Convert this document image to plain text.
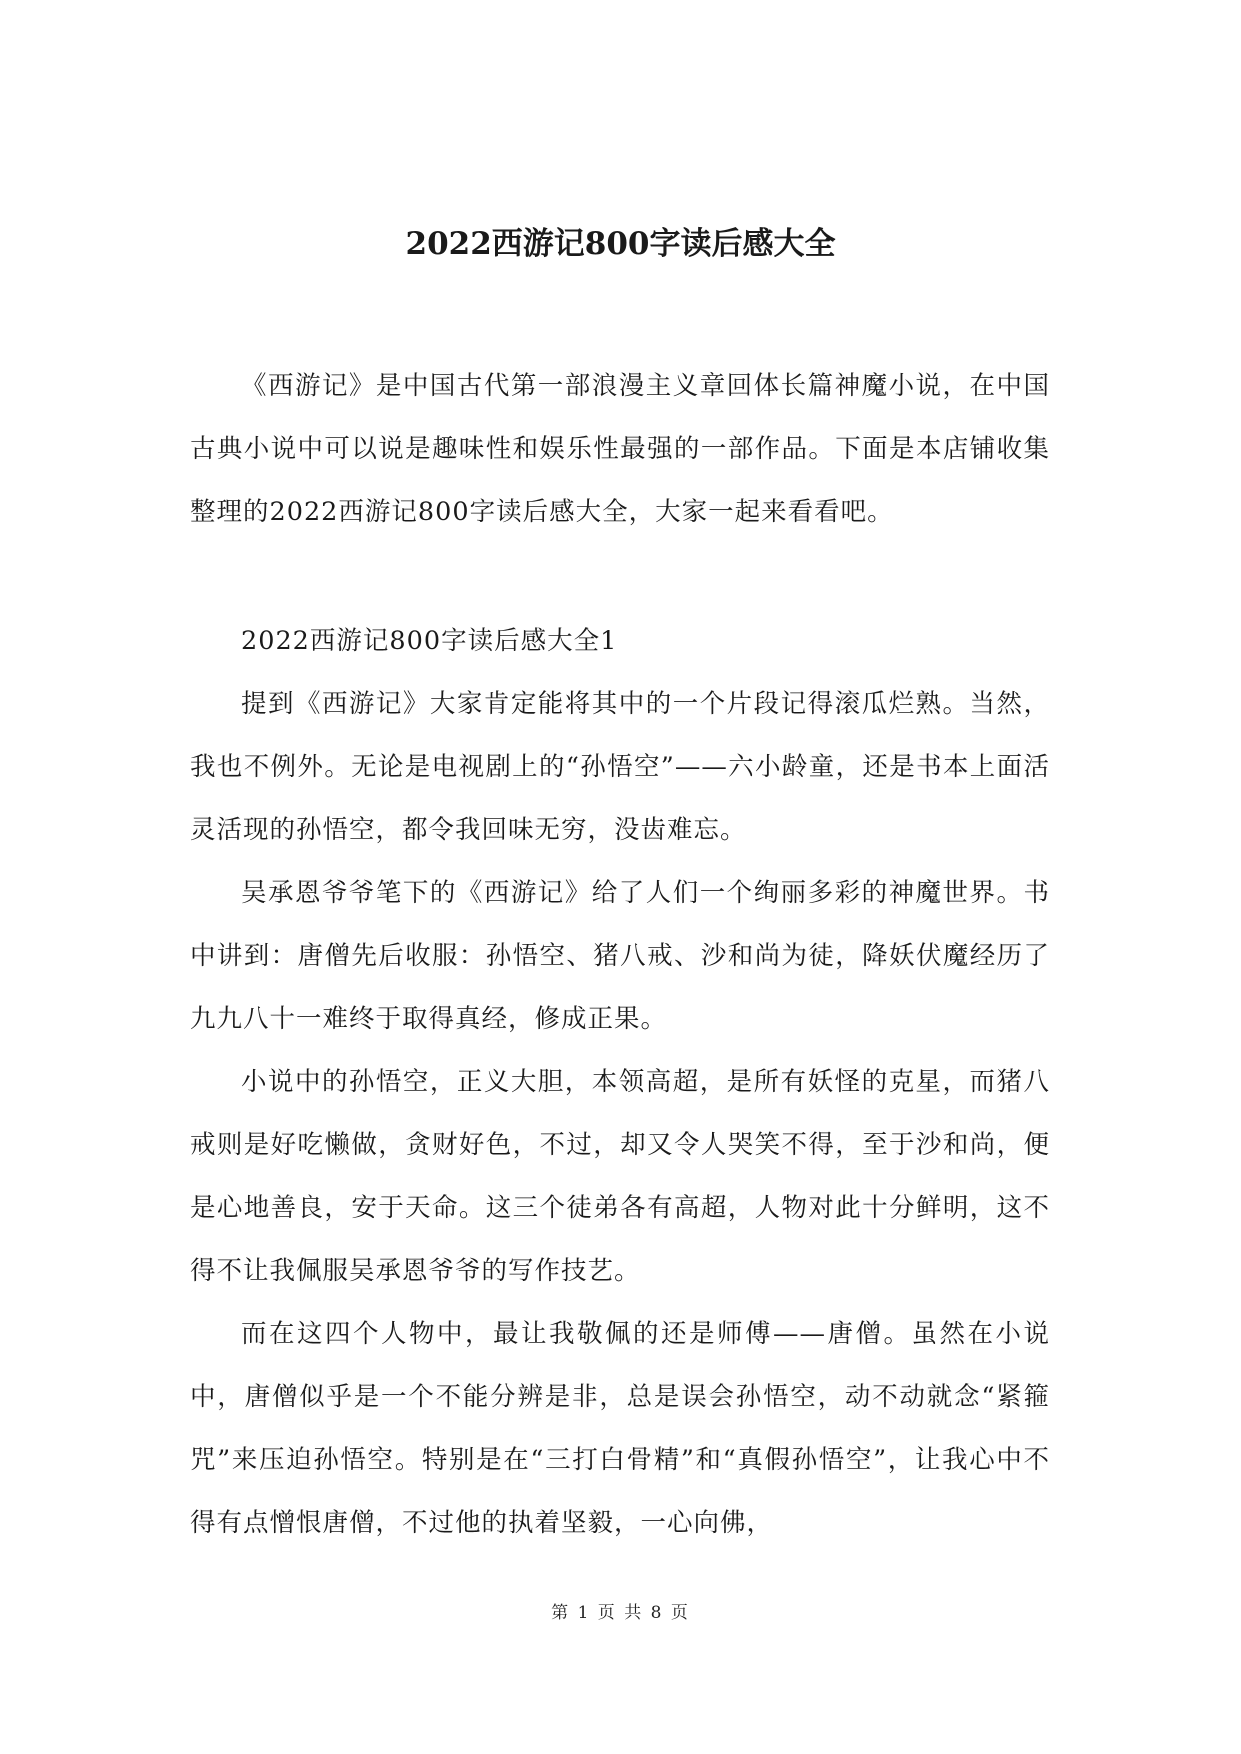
2022西游记800字读后感大全

《西游记》是中国古代第一部浪漫主义章回体长篇神魔小说，在中国古典小说中可以说是趣味性和娱乐性最强的一部作品。下面是本店铺收集整理的2022西游记800字读后感大全，大家一起来看看吧。

2022西游记800字读后感大全1

提到《西游记》大家肯定能将其中的一个片段记得滚瓜烂熟。当然，我也不例外。无论是电视剧上的“孙悟空”——六小龄童，还是书本上面活灵活现的孙悟空，都令我回味无穷，没齿难忘。

吴承恩爷爷笔下的《西游记》给了人们一个绚丽多彩的神魔世界。书中讲到：唐僧先后收服：孙悟空、猪八戒、沙和尚为徒，降妖伏魔经历了九九八十一难终于取得真经，修成正果。

小说中的孙悟空，正义大胆，本领高超，是所有妖怪的克星，而猪八戒则是好吃懒做，贪财好色，不过，却又令人哭笑不得，至于沙和尚，便是心地善良，安于天命。这三个徒弟各有高超，人物对此十分鲜明，这不得不让我佩服吴承恩爷爷的写作技艺。

而在这四个人物中，最让我敬佩的还是师傅——唐僧。虽然在小说中，唐僧似乎是一个不能分辨是非，总是误会孙悟空，动不动就念“紧箍咒”来压迫孙悟空。特别是在“三打白骨精”和“真假孙悟空”，让我心中不得有点憎恨唐僧，不过他的执着坚毅，一心向佛，

第 1 页 共 8 页
